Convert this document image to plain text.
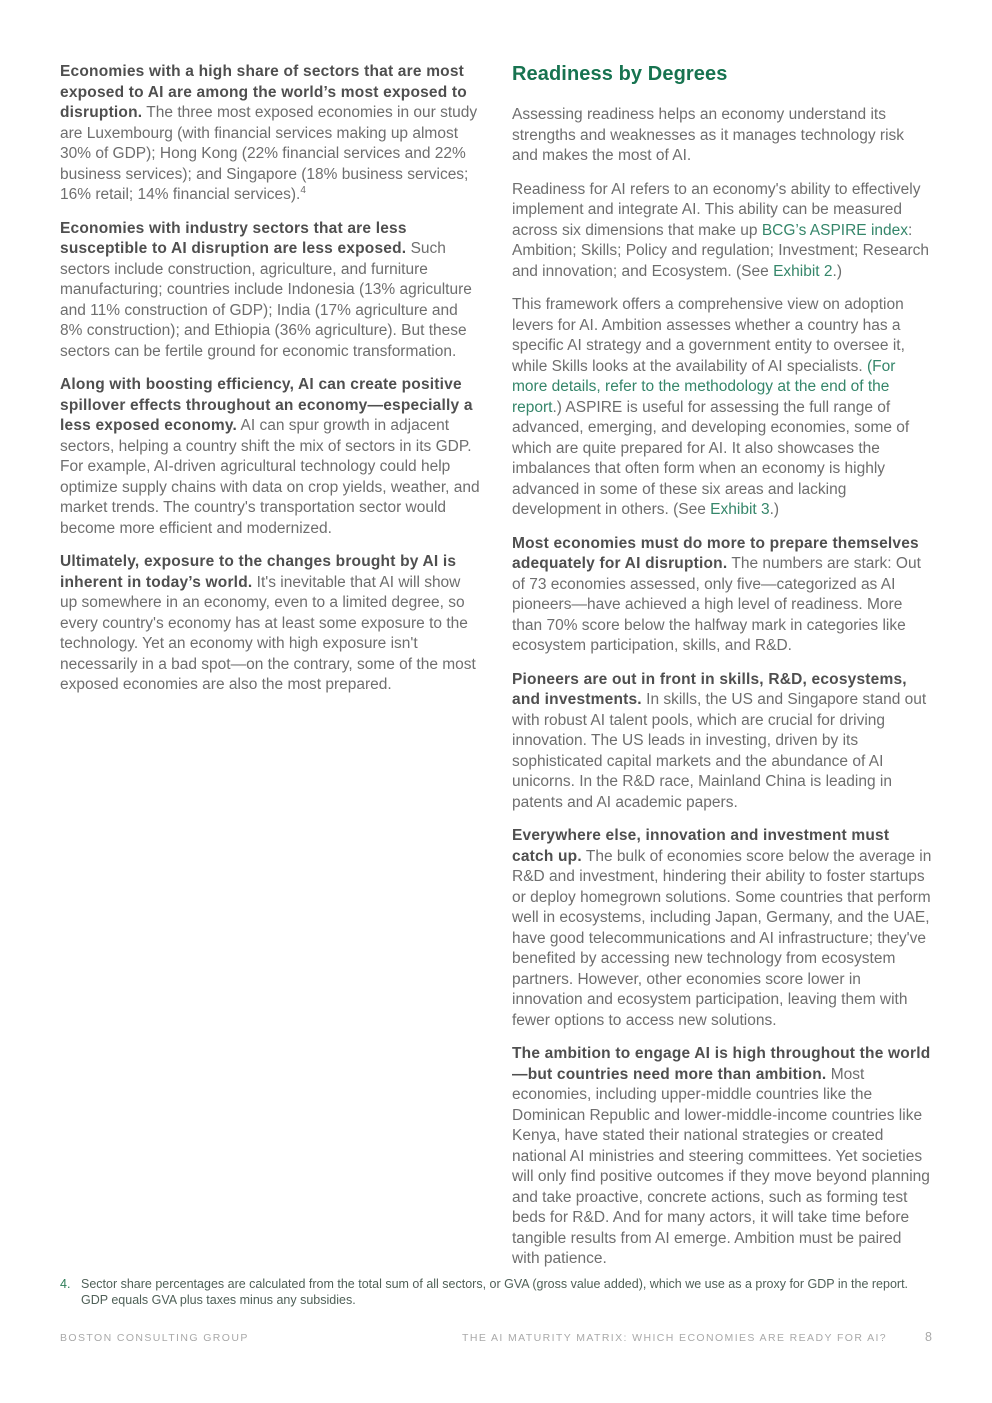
Economies with a high share of sectors that are most exposed to AI are among the world’s most exposed to disruption. The three most exposed economies in our study are Luxembourg (with financial services making up almost 30% of GDP); Hong Kong (22% financial services and 22% business services); and Singapore (18% business services; 16% retail; 14% financial services).$^4$

Economies with industry sectors that are less susceptible to AI disruption are less exposed. Such sectors include construction, agriculture, and furniture manufacturing; countries include Indonesia (13% agriculture and 11% construction of GDP); India (17% agriculture and 8% construction); and Ethiopia (36% agriculture). But these sectors can be fertile ground for economic transformation.

Along with boosting efficiency, AI can create positive spillover effects throughout an economy—especially a less exposed economy. AI can spur growth in adjacent sectors, helping a country shift the mix of sectors in its GDP. For example, AI-driven agricultural technology could help optimize supply chains with data on crop yields, weather, and market trends. The country's transportation sector would become more efficient and modernized.

Ultimately, exposure to the changes brought by AI is inherent in today’s world. It's inevitable that AI will show up somewhere in an economy, even to a limited degree, so every country's economy has at least some exposure to the technology. Yet an economy with high exposure isn't necessarily in a bad spot—on the contrary, some of the most exposed economies are also the most prepared.

Readiness by Degrees

Assessing readiness helps an economy understand its strengths and weaknesses as it manages technology risk and makes the most of AI.

Readiness for AI refers to an economy's ability to effectively implement and integrate AI. This ability can be measured across six dimensions that make up BCG’s ASPIRE index: Ambition; Skills; Policy and regulation; Investment; Research and innovation; and Ecosystem. (See Exhibit 2.)

This framework offers a comprehensive view on adoption levers for AI. Ambition assesses whether a country has a specific AI strategy and a government entity to oversee it, while Skills looks at the availability of AI specialists. (For more details, refer to the methodology at the end of the report.) ASPIRE is useful for assessing the full range of advanced, emerging, and developing economies, some of which are quite prepared for AI. It also showcases the imbalances that often form when an economy is highly advanced in some of these six areas and lacking development in others. (See Exhibit 3.)

Most economies must do more to prepare themselves adequately for AI disruption. The numbers are stark: Out of 73 economies assessed, only five—categorized as AI pioneers—have achieved a high level of readiness. More than 70% score below the halfway mark in categories like ecosystem participation, skills, and R&D.

Pioneers are out in front in skills, R&D, ecosystems, and investments. In skills, the US and Singapore stand out with robust AI talent pools, which are crucial for driving innovation. The US leads in investing, driven by its sophisticated capital markets and the abundance of AI unicorns. In the R&D race, Mainland China is leading in patents and AI academic papers.

Everywhere else, innovation and investment must catch up. The bulk of economies score below the average in R&D and investment, hindering their ability to foster startups or deploy homegrown solutions. Some countries that perform well in ecosystems, including Japan, Germany, and the UAE, have good telecommunications and AI infrastructure; they've benefited by accessing new technology from ecosystem partners. However, other economies score lower in innovation and ecosystem participation, leaving them with fewer options to access new solutions.

The ambition to engage AI is high throughout the world—but countries need more than ambition. Most economies, including upper-middle countries like the Dominican Republic and lower-middle-income countries like Kenya, have stated their national strategies or created national AI ministries and steering committees. Yet societies will only find positive outcomes if they move beyond planning and take proactive, concrete actions, such as forming test beds for R&D. And for many actors, it will take time before tangible results from AI emerge. Ambition must be paired with patience.

4. Sector share percentages are calculated from the total sum of all sectors, or GVA (gross value added), which we use as a proxy for GDP in the report. GDP equals GVA plus taxes minus any subsidies.
BOSTON CONSULTING GROUP	THE AI MATURITY MATRIX: WHICH ECONOMIES ARE READY FOR AI?	8
